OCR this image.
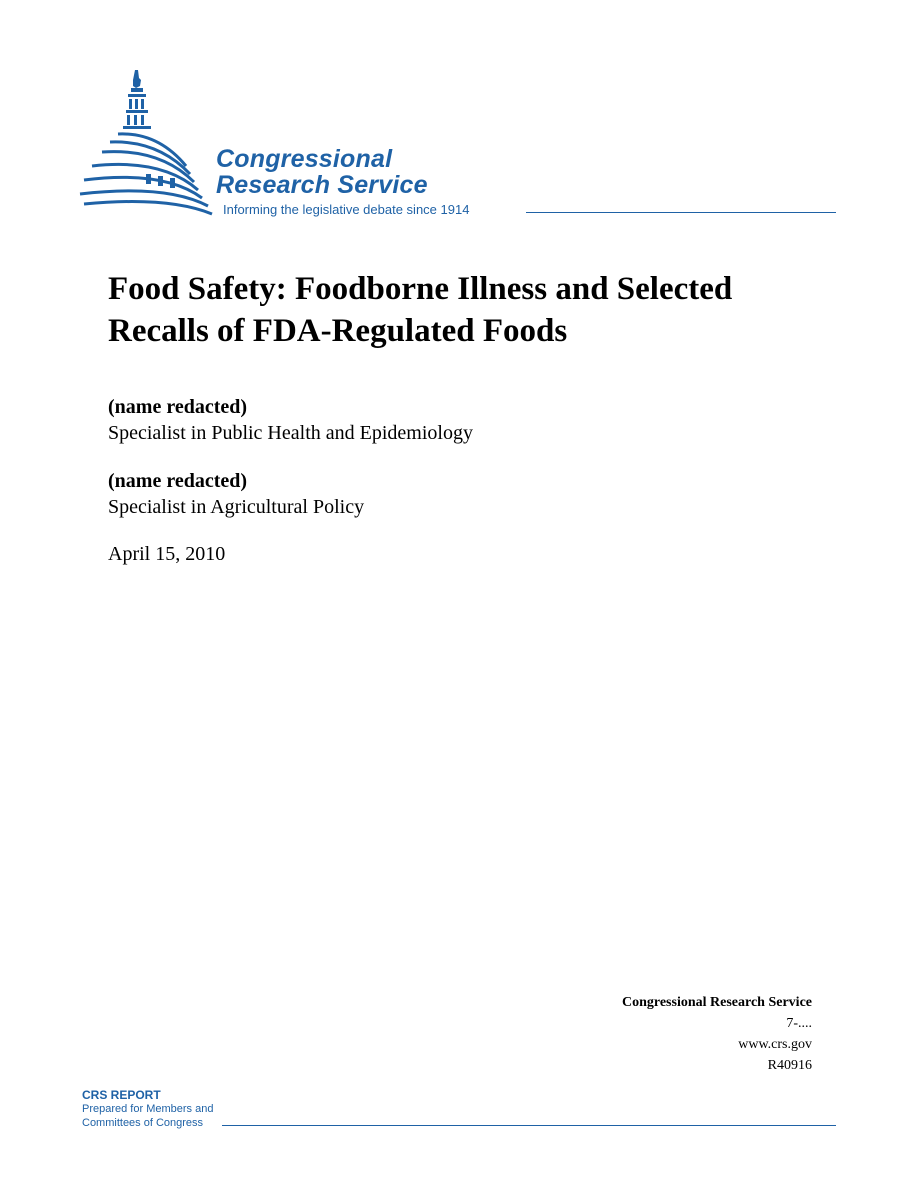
Congressional
Research Service
Informing the legislative debate since 1914
Food Safety: Foodborne Illness and Selected Recalls of FDA-Regulated Foods
(name redacted)
Specialist in Public Health and Epidemiology
(name redacted)
Specialist in Agricultural Policy
April 15, 2010
Congressional Research Service
7-....
www.crs.gov
R40916
CRS REPORT
Prepared for Members and
Committees of Congress
